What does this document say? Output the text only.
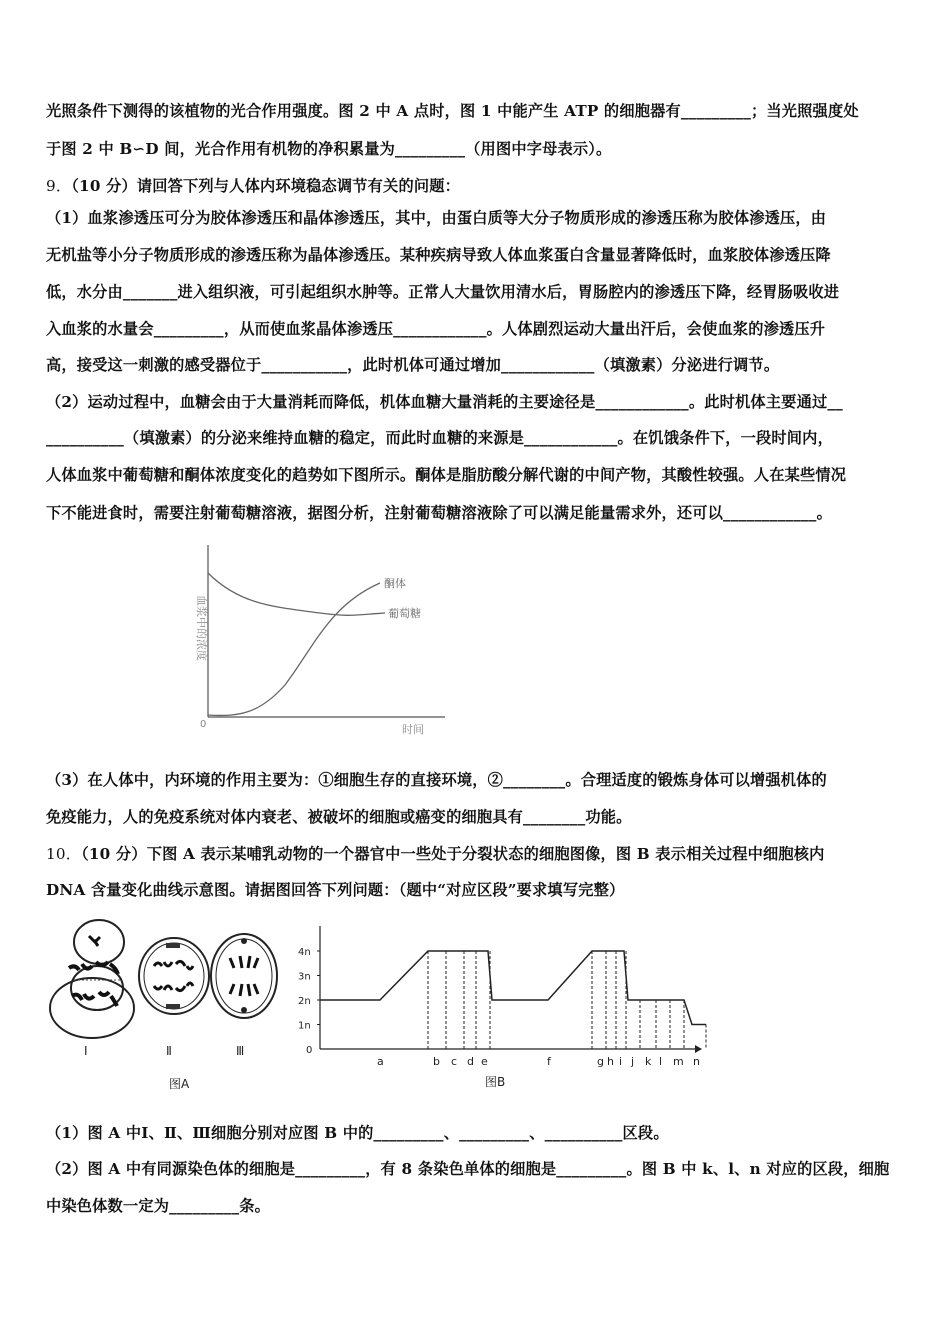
光照条件下测得的该植物的光合作用强度。图 2 中 A 点时，图 1 中能产生 ATP 的细胞器有_________；当光照强度处
于图 2 中 B∽D 间，光合作用有机物的净积累量为_________（用图中字母表示）。
9．（10 分）请回答下列与人体内环境稳态调节有关的问题：
（1）血浆渗透压可分为胶体渗透压和晶体渗透压，其中，由蛋白质等大分子物质形成的渗透压称为胶体渗透压，由
无机盐等小分子物质形成的渗透压称为晶体渗透压。某种疾病导致人体血浆蛋白含量显著降低时，血浆胶体渗透压降
低，水分由_______进入组织液，可引起组织水肿等。正常人大量饮用清水后，胃肠腔内的渗透压下降，经胃肠吸收进
入血浆的水量会_________，从而使血浆晶体渗透压____________。人体剧烈运动大量出汗后，会使血浆的渗透压升
高，接受这一刺激的感受器位于___________，此时机体可通过增加____________（填激素）分泌进行调节。
（2）运动过程中，血糖会由于大量消耗而降低，机体血糖大量消耗的主要途径是____________。此时机体主要通过__
__________（填激素）的分泌来维持血糖的稳定，而此时血糖的来源是____________。在饥饿条件下，一段时间内，
人体血浆中葡萄糖和酮体浓度变化的趋势如下图所示。酮体是脂肪酸分解代谢的中间产物，其酸性较强。人在某些情况
下不能进食时，需要注射葡萄糖溶液，据图分析，注射葡萄糖溶液除了可以满足能量需求外，还可以____________。
血浆中的浓度
时间
0
酮体
葡萄糖
（3）在人体中，内环境的作用主要为：①细胞生存的直接环境，②________。合理适度的锻炼身体可以增强机体的
免疫能力，人的免疫系统对体内衰老、被破坏的细胞或癌变的细胞具有________功能。
10．（10 分）下图 A 表示某哺乳动物的一个器官中一些处于分裂状态的细胞图像，图 B 表示相关过程中细胞核内
DNA 含量变化曲线示意图。请据图回答下列问题：（题中“对应区段”要求填写完整）
Ⅰ	Ⅱ	Ⅲ
图A
0
1n
2n
3n
4n
a	b c d e	f	g h i j k l m n
图B
（1）图 A 中Ⅰ、Ⅱ、Ⅲ细胞分别对应图 B 中的_________、_________、__________区段。
（2）图 A 中有同源染色体的细胞是_________，有 8 条染色单体的细胞是_________。图 B 中 k、l、n 对应的区段，细胞
中染色体数一定为_________条。
